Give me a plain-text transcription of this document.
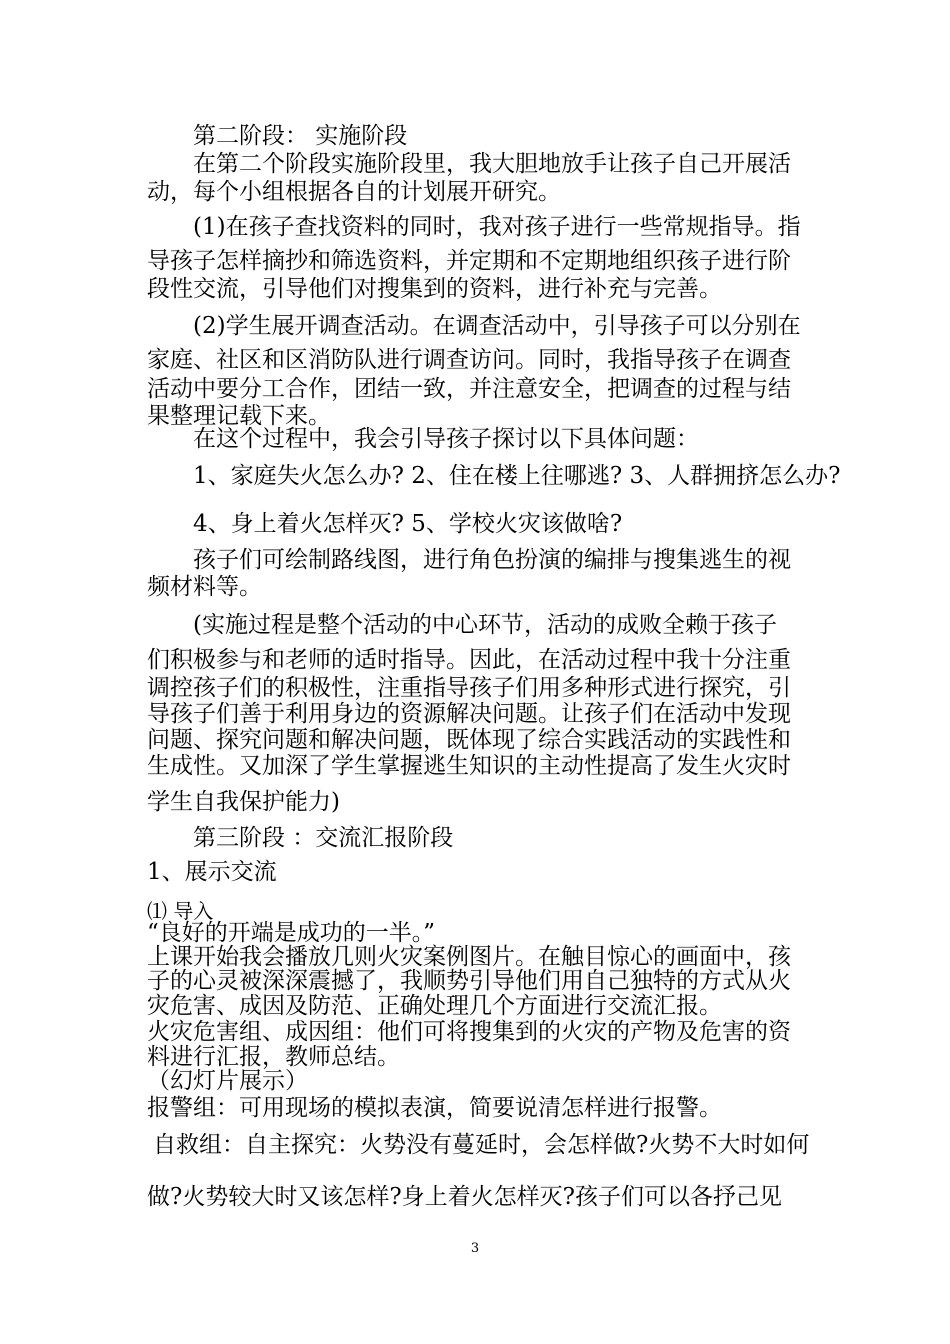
第二阶段： 实施阶段
在第二个阶段实施阶段里，我大胆地放手让孩子自己开展活
动，每个小组根据各自的计划展开研究。
(1)在孩子查找资料的同时，我对孩子进行一些常规指导。指
导孩子怎样摘抄和筛选资料，并定期和不定期地组织孩子进行阶
段性交流，引导他们对搜集到的资料，进行补充与完善。
(2)学生展开调查活动。在调查活动中，引导孩子可以分别在
家庭、社区和区消防队进行调查访问。同时，我指导孩子在调查
活动中要分工合作，团结一致，并注意安全，把调查的过程与结
果整理记载下来。
在这个过程中，我会引导孩子探讨以下具体问题：
1、家庭失火怎么办? 2、住在楼上往哪逃? 3、人群拥挤怎么办?
4、身上着火怎样灭? 5、学校火灾该做啥?
孩子们可绘制路线图，进行角色扮演的编排与搜集逃生的视
频材料等。
(实施过程是整个活动的中心环节，活动的成败全赖于孩子
们积极参与和老师的适时指导。因此，在活动过程中我十分注重
调控孩子们的积极性，注重指导孩子们用多种形式进行探究，引
导孩子们善于利用身边的资源解决问题。让孩子们在活动中发现
问题、探究问题和解决问题，既体现了综合实践活动的实践性和
生成性。又加深了学生掌握逃生知识的主动性提高了发生火灾时
学生自我保护能力)
第三阶段 ：交流汇报阶段
1、展示交流
⑴ 导入
“良好的开端是成功的一半。”
上课开始我会播放几则火灾案例图片。在触目惊心的画面中，孩
子的心灵被深深震撼了，我顺势引导他们用自己独特的方式从火
灾危害、成因及防范、正确处理几个方面进行交流汇报。
火灾危害组、成因组：他们可将搜集到的火灾的产物及危害的资
料进行汇报，教师总结。
（幻灯片展示）
报警组：可用现场的模拟表演，简要说清怎样进行报警。
自救组：自主探究：火势没有蔓延时，会怎样做?火势不大时如何
做?火势较大时又该怎样?身上着火怎样灭?孩子们可以各抒己见
3
